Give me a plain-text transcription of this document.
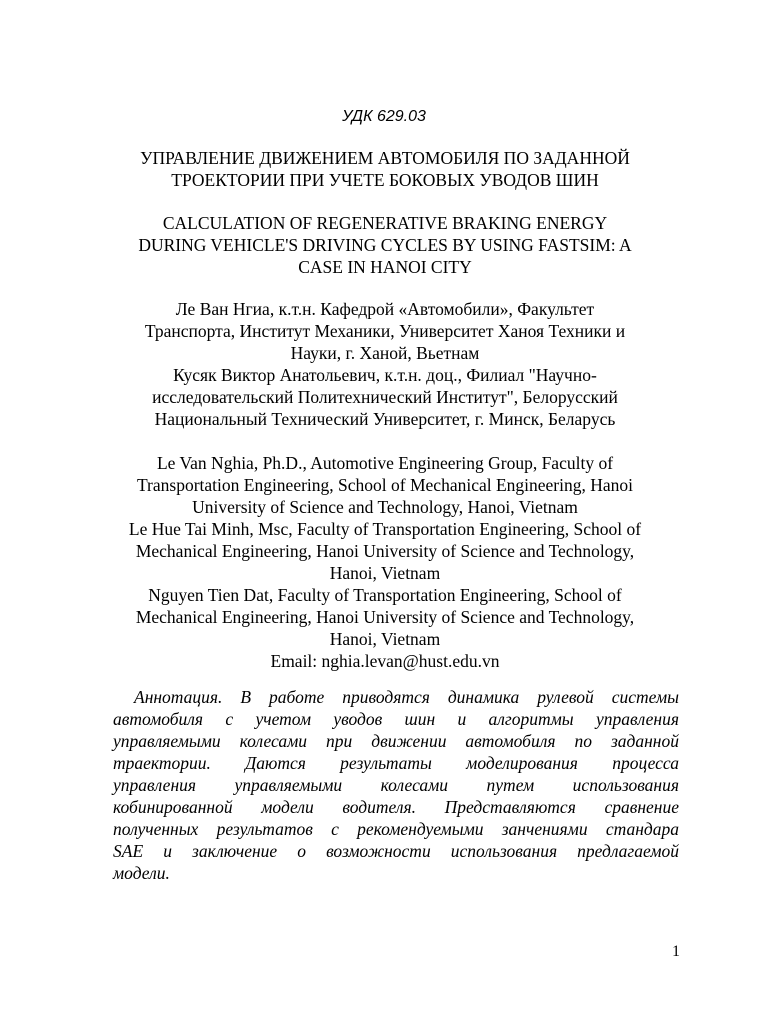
УДК 629.03

УПРАВЛЕНИЕ ДВИЖЕНИЕМ АВТОМОБИЛЯ ПО ЗАДАННОЙ
ТРОЕКТОРИИ ПРИ УЧЕТЕ БОКОВЫХ УВОДОВ ШИН

CALCULATION OF REGENERATIVE BRAKING ENERGY
DURING VEHICLE'S DRIVING CYCLES BY USING FASTSIM: A
CASE IN HANOI CITY

Ле Ван Нгиа, к.т.н. Кафедрой «Автомобили», Факультет
Транспорта, Институт Механики, Университет Ханоя Техники и
Науки, г. Ханой, Вьетнам
Кусяк Виктор Анатольевич, к.т.н. доц., Филиал "Научно-
исследовательский Политехнический Институт", Белорусский
Национальный Технический Университет, г. Минск, Беларусь

Le Van Nghia, Ph.D., Automotive Engineering Group, Faculty of
Transportation Engineering, School of Mechanical Engineering, Hanoi
University of Science and Technology, Hanoi, Vietnam
Le Hue Tai Minh, Msc, Faculty of Transportation Engineering, School of
Mechanical Engineering, Hanoi University of Science and Technology,
Hanoi, Vietnam
Nguyen Tien Dat, Faculty of Transportation Engineering, School of
Mechanical Engineering, Hanoi University of Science and Technology,
Hanoi, Vietnam
Email: nghia.levan@hust.edu.vn

Аннотация. В работе приводятся динамика рулевой системы
автомобиля с учетом уводов шин и алгоритмы управления
управляемыми колесами при движении автомобиля по заданной
траектории. Даются результаты моделирования процесса
управления управляемыми колесами путем использования
кобинированной модели водителя. Представляются сравнение
полученных результатов с рекомендуемыми занчениями стандара
SAE и заключение о возможности использования предлагаемой
модели.

1
